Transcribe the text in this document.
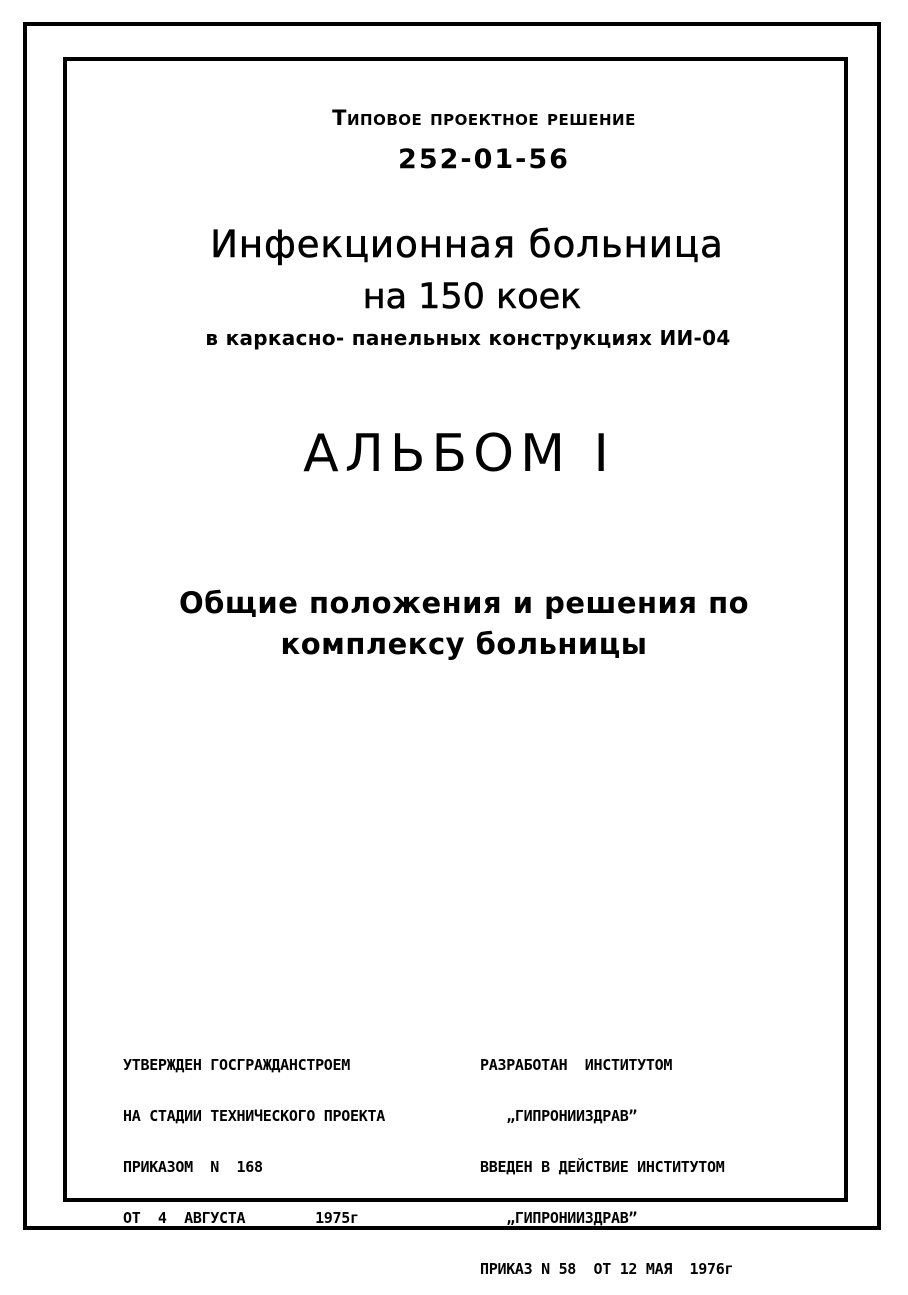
Типовое проектное решение
252-01-56
Инфекционная больница
на 150 коек
в каркасно- панельных конструкциях ИИ-04
АЛЬБОМ I
Общие положения и решения по
комплексу больницы

УТВЕРЖДЕН ГОСГРАЖДАНСТРОЕМ

НА СТАДИИ ТЕХНИЧЕСКОГО ПРОЕКТА

ПРИКАЗОМ  N  168

ОТ  4  АВГУСТА        1975г

РАЗРАБОТАН  ИНСТИТУТОМ

„ГИПРОНИИЗДРАВ”

ВВЕДЕН В ДЕЙСТВИЕ ИНСТИТУТОМ

„ГИПРОНИИЗДРАВ”

ПРИКАЗ N 58  ОТ 12 МАЯ  1976г
